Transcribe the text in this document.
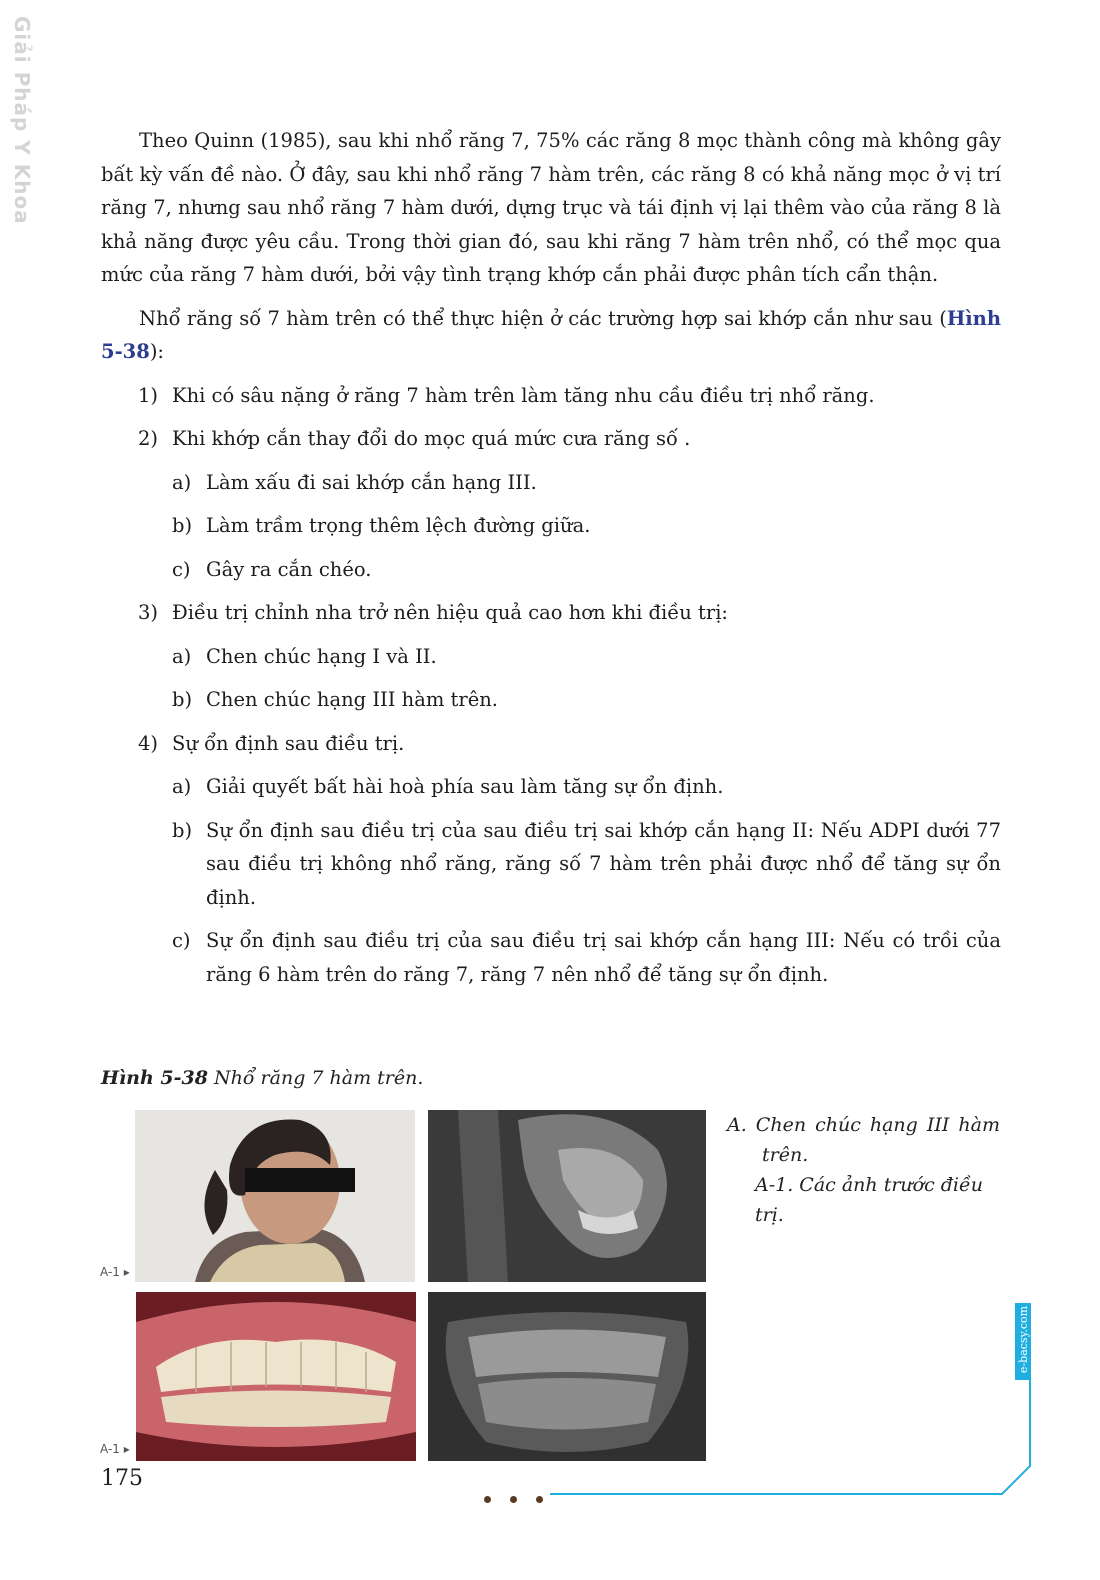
Giải Pháp Y Khoa	Theo Quinn (1985), sau khi nhổ răng 7, 75% các răng 8 mọc thành công mà không gây bất kỳ vấn đề nào. Ở đây, sau khi nhổ răng 7 hàm trên, các răng 8 có khả năng mọc ở vị trí răng 7, nhưng sau nhổ răng 7 hàm dưới, dựng trục và tái định vị lại thêm vào của răng 8 là khả năng được yêu cầu. Trong thời gian đó, sau khi răng 7 hàm trên nhổ, có thể mọc qua mức của răng 7 hàm dưới, bởi vậy tình trạng khớp cắn phải được phân tích cẩn thận.

Nhổ răng số 7 hàm trên có thể thực hiện ở các trường hợp sai khớp cắn như sau (Hình 5-38):

1) Khi có sâu nặng ở răng 7 hàm trên làm tăng nhu cầu điều trị nhổ răng.
2) Khi khớp cắn thay đổi do mọc quá mức cưa răng số .
a) Làm xấu đi sai khớp cắn hạng III.
b) Làm trầm trọng thêm lệch đường giữa.
c) Gây ra cắn chéo.
3) Điều trị chỉnh nha trở nên hiệu quả cao hơn khi điều trị:
a) Chen chúc hạng I và II.
b) Chen chúc hạng III hàm trên.
4) Sự ổn định sau điều trị.
a) Giải quyết bất hài hoà phía sau làm tăng sự ổn định.
b) Sự ổn định sau điều trị của sau điều trị sai khớp cắn hạng II: Nếu ADPI dưới 77 sau điều trị không nhổ răng, răng số 7 hàm trên phải được nhổ để tăng sự ổn định.
c) Sự ổn định sau điều trị của sau điều trị sai khớp cắn hạng III: Nếu có trồi của răng 6 hàm trên do răng 7, răng 7 nên nhổ để tăng sự ổn định.
Hình 5-38 Nhổ răng 7 hàm trên.
A-1 ▸
A-1 ▸
A. Chen chúc hạng III hàm trên.
A-1. Các ảnh trước điều trị.
175
e-bacsy.com
